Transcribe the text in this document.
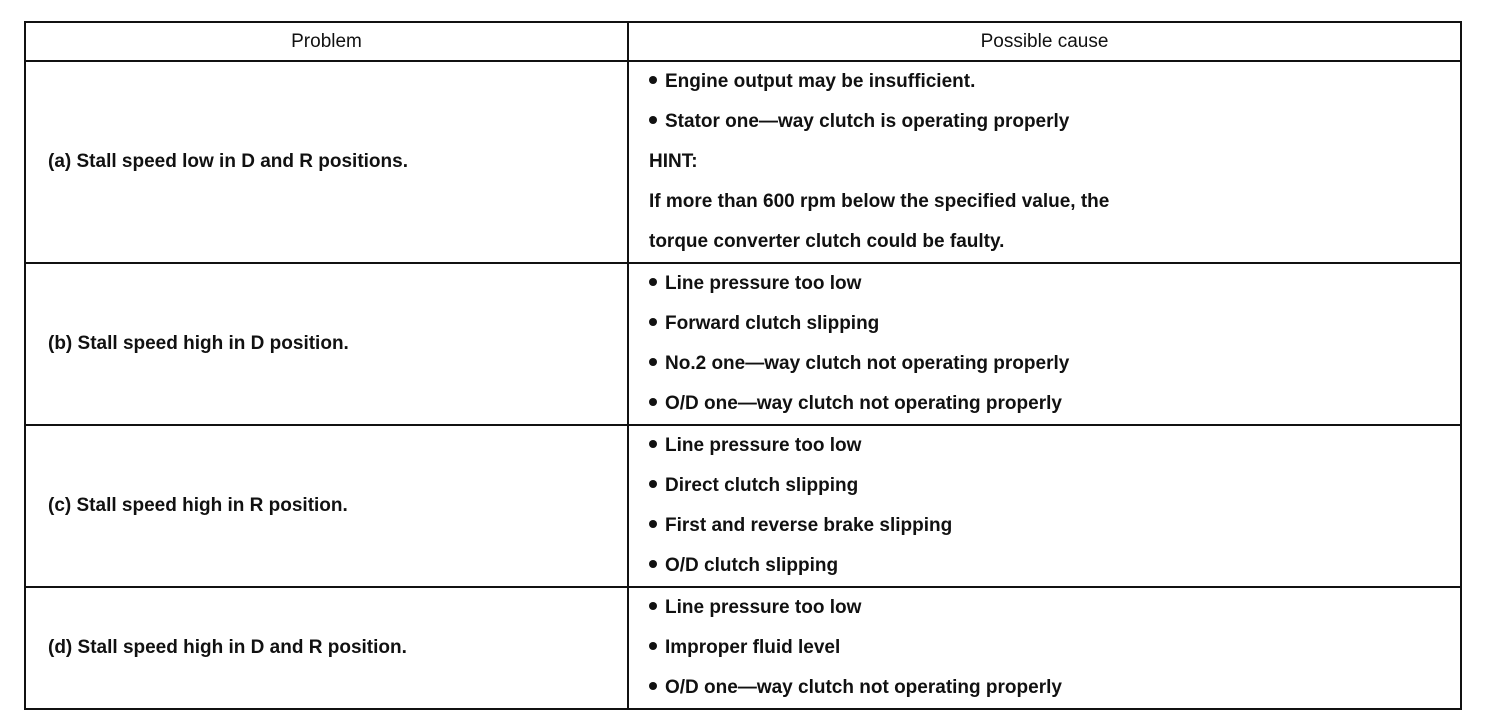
Problem	Possible cause
(a) Stall speed low in D and R positions.
Engine output may be insufficient.
Stator one—way clutch is operating properly
HINT:
If more than 600 rpm below the specified value, the
torque converter clutch could be faulty.
(b) Stall speed high in D position.
Line pressure too low
Forward clutch slipping
No.2 one—way clutch not operating properly
O/D one—way clutch not operating properly
(c) Stall speed high in R position.
Line pressure too low
Direct clutch slipping
First and reverse brake slipping
O/D clutch slipping
(d) Stall speed high in D and R position.
Line pressure too low
Improper fluid level
O/D one—way clutch not operating properly
